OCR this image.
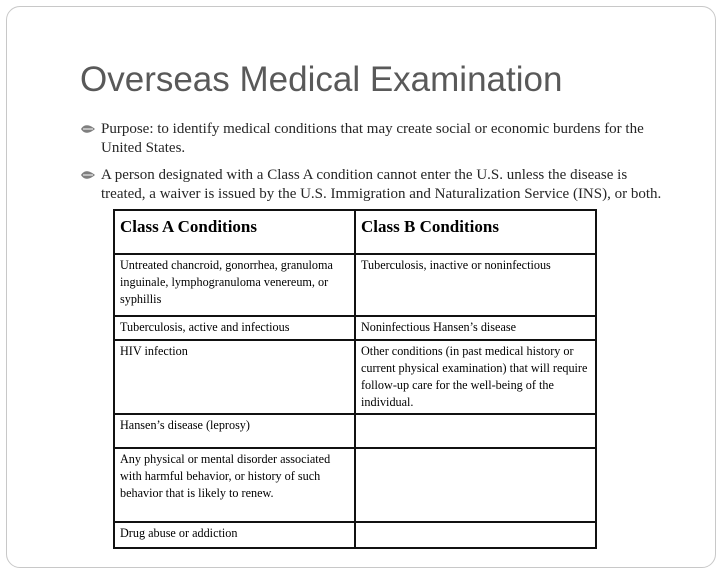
Overseas Medical Examination
Purpose: to identify medical conditions that may create social or economic burdens for the United States.
A person designated with a Class A condition cannot enter the U.S. unless the disease is treated, a waiver is issued by the U.S. Immigration and Naturalization Service (INS), or both.
Class A Conditions	Class B Conditions
Untreated chancroid, gonorrhea, granuloma inguinale, lymphogranuloma venereum, or syphillis	Tuberculosis, inactive or noninfectious
Tuberculosis, active and infectious	Noninfectious Hansen’s disease
HIV infection	Other conditions (in past medical history or current physical examination) that will require follow-up care for the well-being of the individual.
Hansen’s disease (leprosy)	
Any physical or mental disorder associated with harmful behavior, or history of such behavior that is likely to renew.	
Drug abuse or addiction	
